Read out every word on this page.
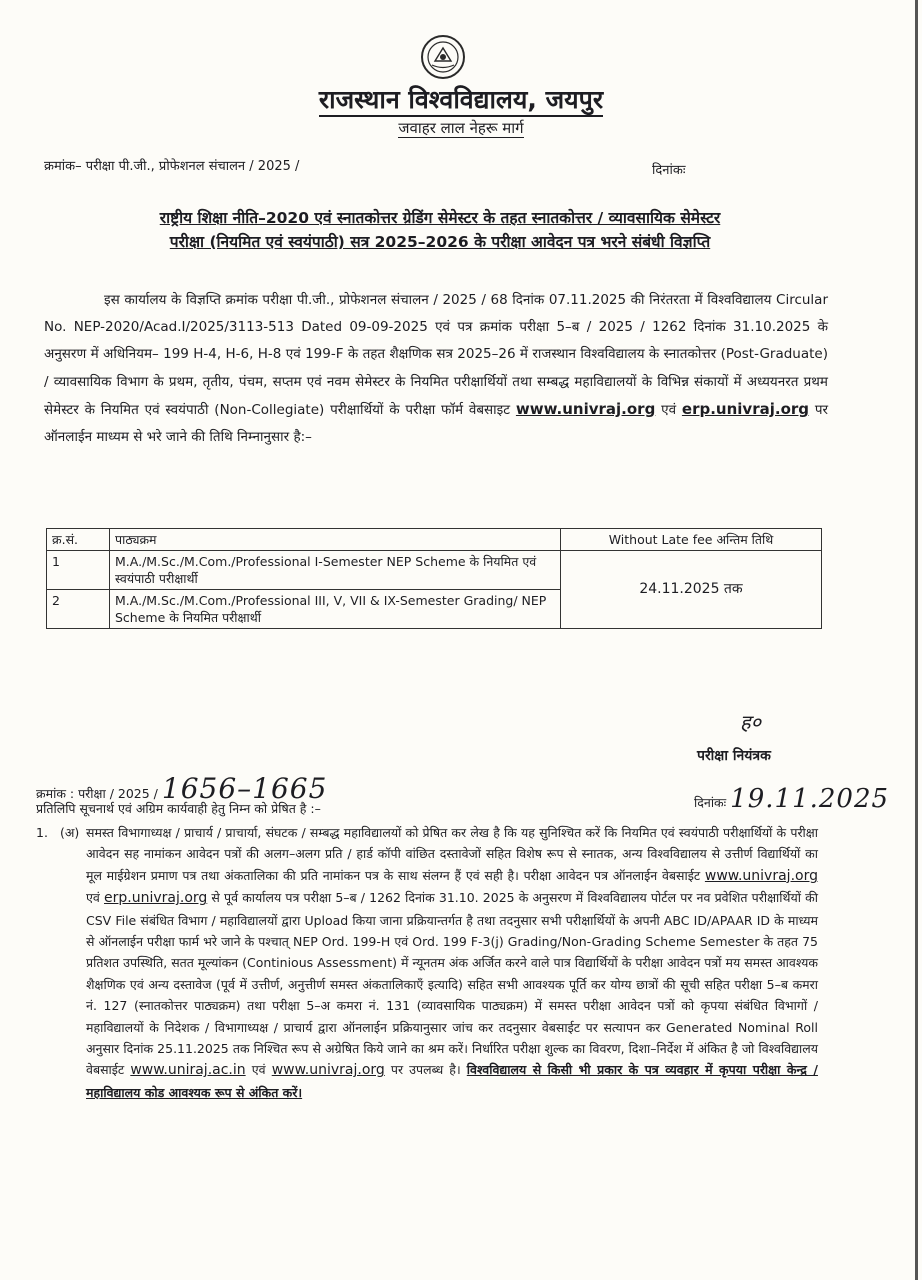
राजस्थान विश्वविद्यालय, जयपुर
जवाहर लाल नेहरू मार्ग
क्रमांक– परीक्षा पी.जी., प्रोफेशनल संचालन / 2025 /	दिनांकः
राष्ट्रीय शिक्षा नीति–2020 एवं स्नातकोत्तर ग्रेडिंग सेमेस्टर के तहत स्नातकोत्तर / व्यावसायिक सेमेस्टर
परीक्षा (नियमित एवं स्वयंपाठी) सत्र 2025–2026 के परीक्षा आवेदन पत्र भरने संबंधी विज्ञप्ति
इस कार्यालय के विज्ञप्ति क्रमांक परीक्षा पी.जी., प्रोफेशनल संचालन / 2025 / 68 दिनांक 07.11.2025 की निरंतरता में विश्वविद्यालय Circular No. NEP-2020/Acad.I/2025/3113-513 Dated 09-09-2025 एवं पत्र क्रमांक परीक्षा 5–ब / 2025 / 1262 दिनांक 31.10.2025 के अनुसरण में अधिनियम– 199 H-4, H-6, H-8 एवं 199-F के तहत शैक्षणिक सत्र 2025–26 में राजस्थान विश्वविद्यालय के स्नातकोत्तर (Post-Graduate) / व्यावसायिक विभाग के प्रथम, तृतीय, पंचम, सप्तम एवं नवम सेमेस्टर के नियमित परीक्षार्थियों तथा सम्बद्ध महाविद्यालयों के विभिन्न संकायों में अध्ययनरत प्रथम सेमेस्टर के नियमित एवं स्वयंपाठी (Non-Collegiate) परीक्षार्थियों के परीक्षा फॉर्म वेबसाइट www.univraj.org एवं erp.univraj.org पर ऑनलाईन माध्यम से भरे जाने की तिथि निम्नानुसार है:–
क्र.सं.	पाठ्यक्रम	Without Late fee अन्तिम तिथि
1	M.A./M.Sc./M.Com./Professional I-Semester NEP Scheme के नियमित एवं स्वयंपाठी परीक्षार्थी	24.11.2025 तक
2	M.A./M.Sc./M.Com./Professional III, V, VII & IX-Semester Grading/ NEP Scheme के नियमित परीक्षार्थी	
ह०
परीक्षा नियंत्रक
क्रमांक : परीक्षा / 2025 / 1656–1665	दिनांकः 19.11.2025
प्रतिलिपि सूचनार्थ एवं अग्रिम कार्यवाही हेतु निम्न को प्रेषित है :–
1. (अ) समस्त विभागाध्यक्ष / प्राचार्य / प्राचार्या, संघटक / सम्बद्ध महाविद्यालयों को प्रेषित कर लेख है कि यह सुनिश्चित करें कि नियमित एवं स्वयंपाठी परीक्षार्थियों के परीक्षा आवेदन सह नामांकन आवेदन पत्रों की अलग–अलग प्रति / हार्ड कॉपी वांछित दस्तावेजों सहित विशेष रूप से स्नातक, अन्य विश्वविद्यालय से उत्तीर्ण विद्यार्थियों का मूल माईग्रेशन प्रमाण पत्र तथा अंकतालिका की प्रति नामांकन पत्र के साथ संलग्न हैं एवं सही है। परीक्षा आवेदन पत्र ऑनलाईन वेबसाईट www.univraj.org एवं erp.univraj.org से पूर्व कार्यालय पत्र परीक्षा 5–ब / 1262 दिनांक 31.10. 2025 के अनुसरण में विश्वविद्यालय पोर्टल पर नव प्रवेशित परीक्षार्थियों की CSV File संबंधित विभाग / महाविद्यालयों द्वारा Upload किया जाना प्रक्रियान्तर्गत है तथा तदनुसार सभी परीक्षार्थियों के अपनी ABC ID/APAAR ID के माध्यम से ऑनलाईन परीक्षा फार्म भरे जाने के पश्चात् NEP Ord. 199-H एवं Ord. 199 F-3(j) Grading/Non-Grading Scheme Semester के तहत 75 प्रतिशत उपस्थिति, सतत मूल्यांकन (Continious Assessment) में न्यूनतम अंक अर्जित करने वाले पात्र विद्यार्थियों के परीक्षा आवेदन पत्रों मय समस्त आवश्यक शैक्षणिक एवं अन्य दस्तावेज (पूर्व में उत्तीर्ण, अनुत्तीर्ण समस्त अंकतालिकाएँ इत्यादि) सहित सभी आवश्यक पूर्ति कर योग्य छात्रों की सूची सहित परीक्षा 5–ब कमरा नं. 127 (स्नातकोत्तर पाठ्यक्रम) तथा परीक्षा 5–अ कमरा नं. 131 (व्यावसायिक पाठ्यक्रम) में समस्त परीक्षा आवेदन पत्रों को कृपया संबंधित विभागों / महाविद्यालयों के निदेशक / विभागाध्यक्ष / प्राचार्य द्वारा ऑनलाईन प्रक्रियानुसार जांच कर तदनुसार वेबसाईट पर सत्यापन कर Generated Nominal Roll अनुसार दिनांक 25.11.2025 तक निश्चित रूप से अग्रेषित किये जाने का श्रम करें। निर्धारित परीक्षा शुल्क का विवरण, दिशा–निर्देश में अंकित है जो विश्वविद्यालय वेबसाईट www.uniraj.ac.in एवं www.univraj.org पर उपलब्ध है। विश्वविद्यालय से किसी भी प्रकार के पत्र व्यवहार में कृपया परीक्षा केन्द्र / महाविद्यालय कोड आवश्यक रूप से अंकित करें।
